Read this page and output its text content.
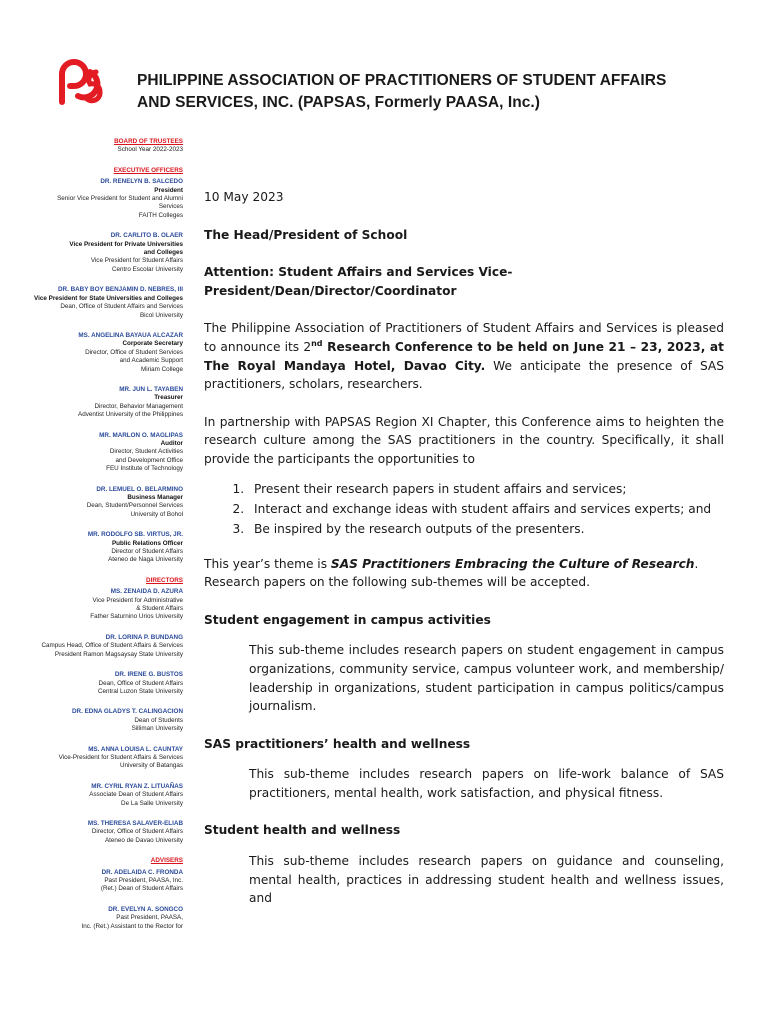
PHILIPPINE ASSOCIATION OF PRACTITIONERS OF STUDENT AFFAIRS
AND SERVICES, INC. (PAPSAS, Formerly PAASA, Inc.)
BOARD OF TRUSTEES
School Year 2022-2023
EXECUTIVE OFFICERS
DR. RENELYN B. SALCEDO
President
Senior Vice President for Student and Alumni
Services
FAITH Colleges
DR. CARLITO B. OLAER
Vice President for Private Universities
and Colleges
Vice President for Student Affairs
Centro Escolar University
DR. BABY BOY BENJAMIN D. NEBRES, III
Vice President for State Universities and Colleges
Dean, Office of Student Affairs and Services
Bicol University
MS. ANGELINA BAYAUA ALCAZAR
Corporate Secretary
Director, Office of Student Services
and Academic Support
Miriam College
MR. JUN L. TAYABEN
Treasurer
Director, Behavior Management
Adventist University of the Philippines
MR. MARLON O. MAGLIPAS
Auditor
Director, Student Activities
and Development Office
FEU Institute of Technology
DR. LEMUEL O. BELARMINO
Business Manager
Dean, Student/Personnel Services
University of Bohol
MR. RODOLFO SB. VIRTUS, JR.
Public Relations Officer
Director of Student Affairs
Ateneo de Naga University
DIRECTORS
MS. ZENAIDA D. AZURA
Vice President for Administrative
& Student Affairs
Father Saturnino Urios University
DR. LORINA P. BUNDANG
Campus Head, Office of Student Affairs & Services
President Ramon Magsaysay State University
DR. IRENE G. BUSTOS
Dean, Office of Student Affairs
Central Luzon State University
DR. EDNA GLADYS T. CALINGACION
Dean of Students
Silliman University
MS. ANNA LOUISA L. CAUNTAY
Vice-President for Student Affairs & Services
University of Batangas
MR. CYRIL RYAN Z. LITUAÑAS
Associate Dean of Student Affairs
De La Salle University
MS. THERESA SALAVER-ELIAB
Director, Office of Student Affairs
Ateneo de Davao University
ADVISERS
DR. ADELAIDA C. FRONDA
Past President, PAASA, Inc.
(Ret.) Dean of Student Affairs
DR. EVELYN A. SONGCO
Past President, PAASA,
Inc. (Ret.) Assistant to the Rector for

10 May 2023

The Head/President of School

Attention: Student Affairs and Services Vice-President/Dean/Director/Coordinator

The Philippine Association of Practitioners of Student Affairs and Services is pleased to announce its 2nd Research Conference to be held on June 21 – 23, 2023, at The Royal Mandaya Hotel, Davao City. We anticipate the presence of SAS practitioners, scholars, researchers.

In partnership with PAPSAS Region XI Chapter, this Conference aims to heighten the research culture among the SAS practitioners in the country. Specifically, it shall provide the participants the opportunities to

1. Present their research papers in student affairs and services;
2. Interact and exchange ideas with student affairs and services experts; and
3. Be inspired by the research outputs of the presenters.

This year’s theme is SAS Practitioners Embracing the Culture of Research. Research papers on the following sub-themes will be accepted.

Student engagement in campus activities

This sub-theme includes research papers on student engagement in campus organizations, community service, campus volunteer work, and membership/ leadership in organizations, student participation in campus politics/campus journalism.

SAS practitioners’ health and wellness

This sub-theme includes research papers on life-work balance of SAS practitioners, mental health, work satisfaction, and physical fitness.

Student health and wellness

This sub-theme includes research papers on guidance and counseling, mental health, practices in addressing student health and wellness issues, and
